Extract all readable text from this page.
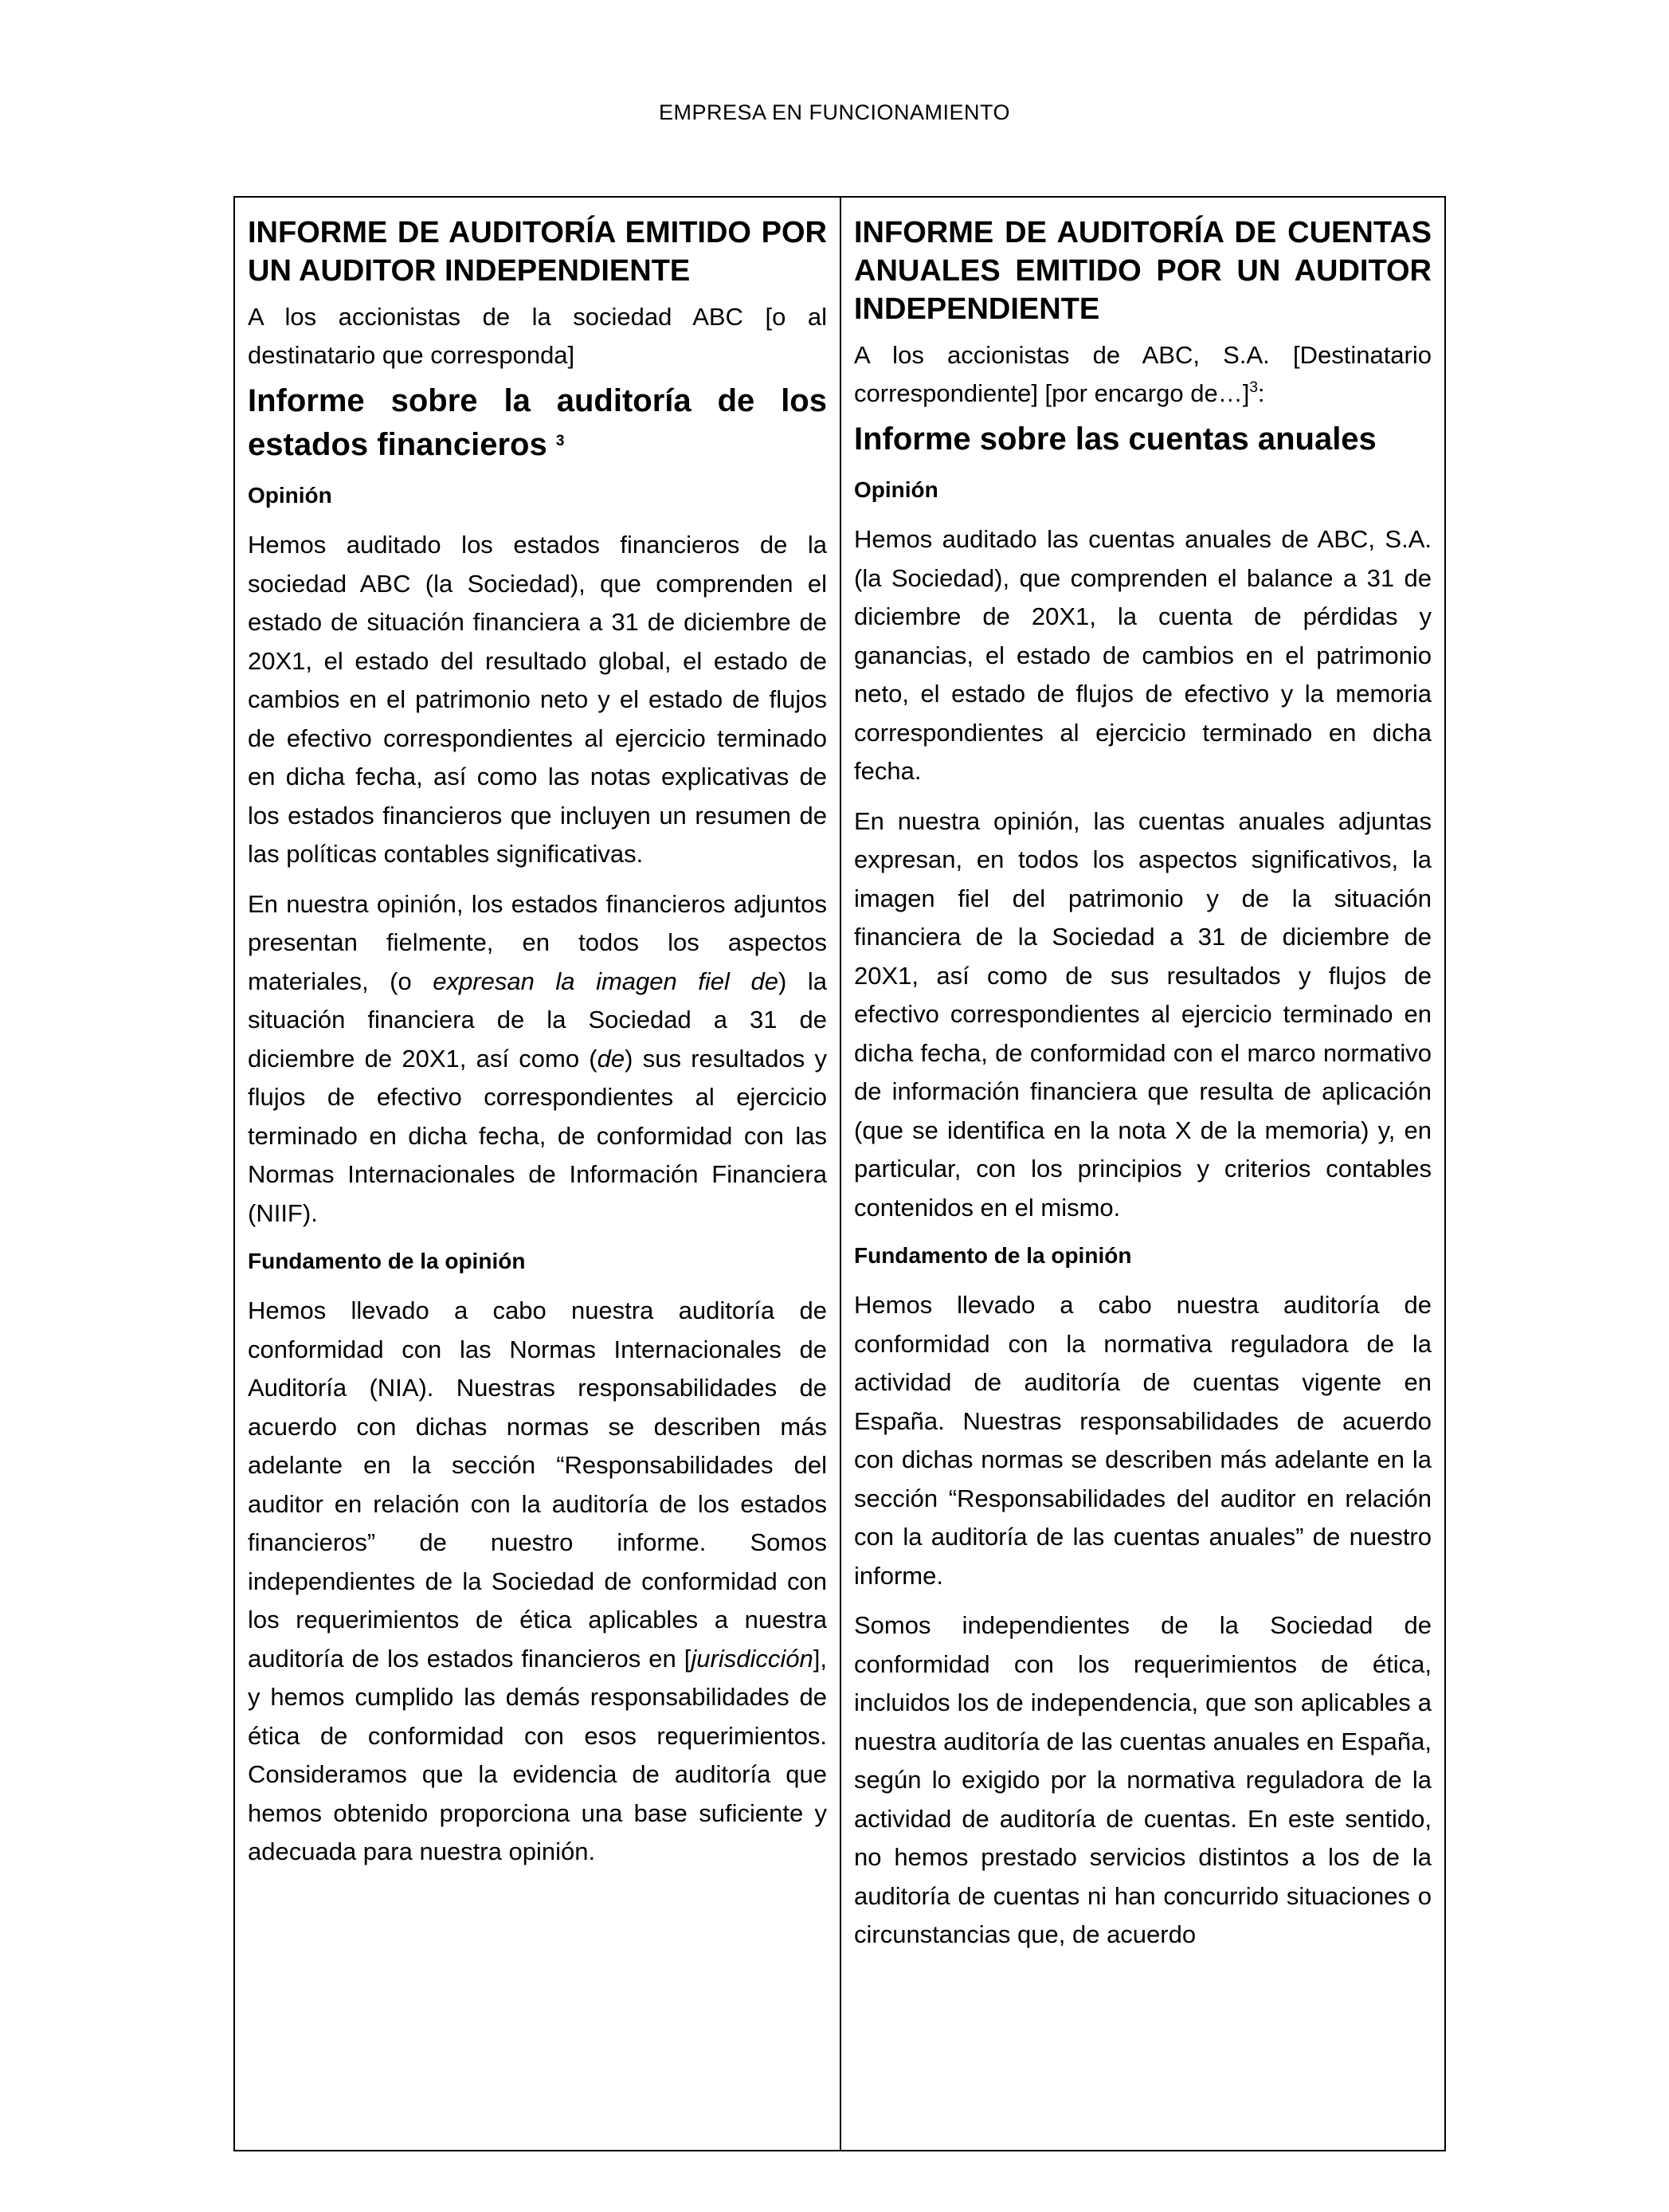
EMPRESA EN FUNCIONAMIENTO

INFORME DE AUDITORÍA EMITIDO POR UN AUDITOR INDEPENDIENTE

A los accionistas de la sociedad ABC [o al destinatario que corresponda]

Informe sobre la auditoría de los estados financieros $^3$

Opinión

Hemos auditado los estados financieros de la sociedad ABC (la Sociedad), que comprenden el estado de situación financiera a 31 de diciembre de 20X1, el estado del resultado global, el estado de cambios en el patrimonio neto y el estado de flujos de efectivo correspondientes al ejercicio terminado en dicha fecha, así como las notas explicativas de los estados financieros que incluyen un resumen de las políticas contables significativas.

En nuestra opinión, los estados financieros adjuntos presentan fielmente, en todos los aspectos materiales, (o expresan la imagen fiel de) la situación financiera de la Sociedad a 31 de diciembre de 20X1, así como (de) sus resultados y flujos de efectivo correspondientes al ejercicio terminado en dicha fecha, de conformidad con las Normas Internacionales de Información Financiera (NIIF).

Fundamento de la opinión

Hemos llevado a cabo nuestra auditoría de conformidad con las Normas Internacionales de Auditoría (NIA). Nuestras responsabilidades de acuerdo con dichas normas se describen más adelante en la sección “Responsabilidades del auditor en relación con la auditoría de los estados financieros” de nuestro informe. Somos independientes de la Sociedad de conformidad con los requerimientos de ética aplicables a nuestra auditoría de los estados financieros en [jurisdicción], y hemos cumplido las demás responsabilidades de ética de conformidad con esos requerimientos. Consideramos que la evidencia de auditoría que hemos obtenido proporciona una base suficiente y adecuada para nuestra opinión.

INFORME DE AUDITORÍA DE CUENTAS ANUALES EMITIDO POR UN AUDITOR INDEPENDIENTE

A los accionistas de ABC, S.A. [Destinatario correspondiente] [por encargo de…]$^3$:

Informe sobre las cuentas anuales

Opinión

Hemos auditado las cuentas anuales de ABC, S.A. (la Sociedad), que comprenden el balance a 31 de diciembre de 20X1, la cuenta de pérdidas y ganancias, el estado de cambios en el patrimonio neto, el estado de flujos de efectivo y la memoria correspondientes al ejercicio terminado en dicha fecha.

En nuestra opinión, las cuentas anuales adjuntas expresan, en todos los aspectos significativos, la imagen fiel del patrimonio y de la situación financiera de la Sociedad a 31 de diciembre de 20X1, así como de sus resultados y flujos de efectivo correspondientes al ejercicio terminado en dicha fecha, de conformidad con el marco normativo de información financiera que resulta de aplicación (que se identifica en la nota X de la memoria) y, en particular, con los principios y criterios contables contenidos en el mismo.

Fundamento de la opinión

Hemos llevado a cabo nuestra auditoría de conformidad con la normativa reguladora de la actividad de auditoría de cuentas vigente en España. Nuestras responsabilidades de acuerdo con dichas normas se describen más adelante en la sección “Responsabilidades del auditor en relación con la auditoría de las cuentas anuales” de nuestro informe.

Somos independientes de la Sociedad de conformidad con los requerimientos de ética, incluidos los de independencia, que son aplicables a nuestra auditoría de las cuentas anuales en España, según lo exigido por la normativa reguladora de la actividad de auditoría de cuentas. En este sentido, no hemos prestado servicios distintos a los de la auditoría de cuentas ni han concurrido situaciones o circunstancias que, de acuerdo
